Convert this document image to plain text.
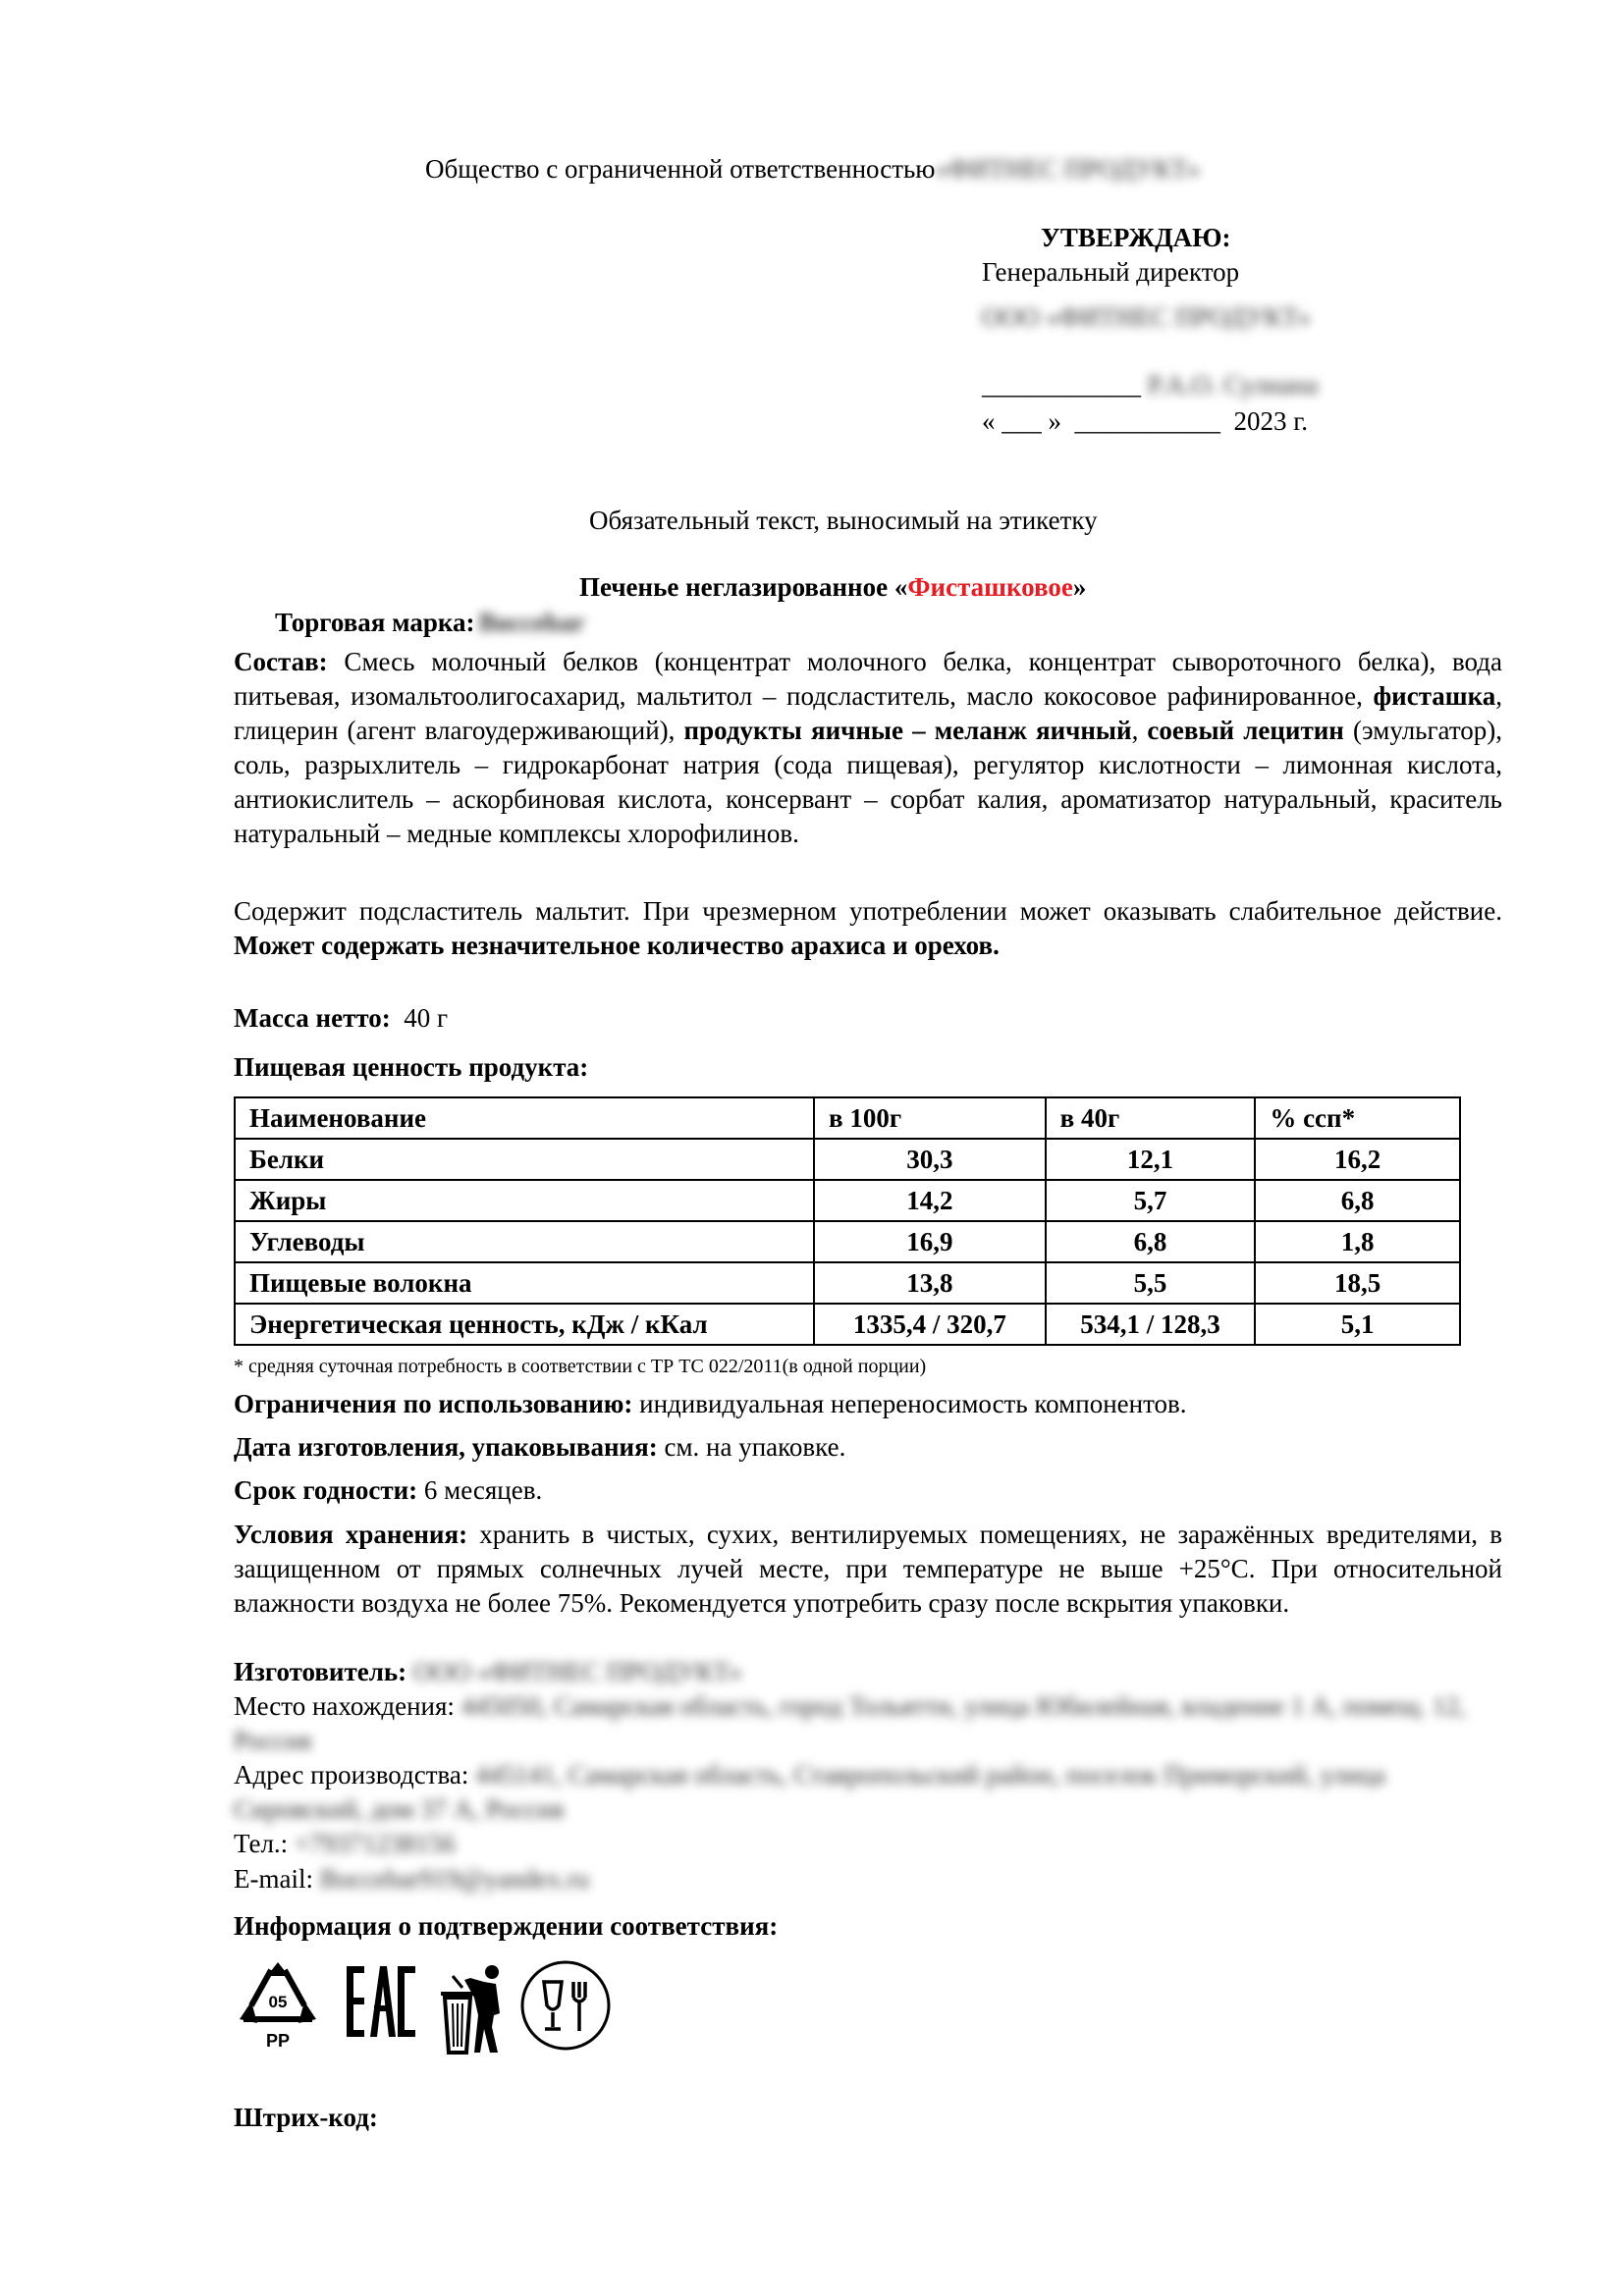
Общество с ограниченной ответственностью«ФИТНЕС ПРОДУКТ»
УТВЕРЖДАЮ:
Генеральный директор
ООО «ФИТНЕС ПРОДУКТ»
____________ Р.А.О. Сулиана
« ___ »  ___________  2023 г.
Обязательный текст, выносимый на этикетку
Печенье неглазированное «Фисташковое»
Торговая марка: Boccebar
Состав: Смесь молочный белков (концентрат молочного белка, концентрат сывороточного белка), вода питьевая, изомальтоолигосахарид, мальтитол – подсластитель, масло кокосовое рафинированное, фисташка, глицерин (агент влагоудерживающий), продукты яичные – меланж яичный, соевый лецитин (эмульгатор), соль, разрыхлитель – гидрокарбонат натрия (сода пищевая), регулятор кислотности – лимонная кислота, антиокислитель – аскорбиновая кислота, консервант – сорбат калия, ароматизатор натуральный, краситель натуральный – медные комплексы хлорофилинов.
Содержит подсластитель мальтит. При чрезмерном употреблении может оказывать слабительное действие. Может содержать незначительное количество арахиса и орехов.
Масса нетто:  40 г
Пищевая ценность продукта:
Наименование	в 100г	в 40г	% ссп*
Белки	30,3	12,1	16,2
Жиры	14,2	5,7	6,8
Углеводы	16,9	6,8	1,8
Пищевые волокна	13,8	5,5	18,5
Энергетическая ценность, кДж / кКал	1335,4 / 320,7	534,1 / 128,3	5,1
* средняя суточная потребность в соответствии с ТР ТС 022/2011(в одной порции)
Ограничения по использованию: индивидуальная непереносимость компонентов.
Дата изготовления, упаковывания: см. на упаковке.
Срок годности: 6 месяцев.
Условия хранения: хранить в чистых, сухих, вентилируемых помещениях, не заражённых вредителями, в защищенном от прямых солнечных лучей месте, при температуре не выше +25°С. При относительной влажности воздуха не более 75%. Рекомендуется употребить сразу после вскрытия упаковки.
Изготовитель: ООО «ФИТНЕС ПРОДУКТ»
Место нахождения: 445050, Самарская область, город Тольятти, улица Юбилейная, владение 1 А, помещ. 12, Россия
Адрес производства: 445141, Самарская область, Ставропольский район, поселок Приморский, улица Сировский, дом 37 А, Россия
Тел.: +79371238156
E-mail: Boccebar919@yandex.ru
Информация о подтверждении соответствия:
05
PP
Штрих-код:
